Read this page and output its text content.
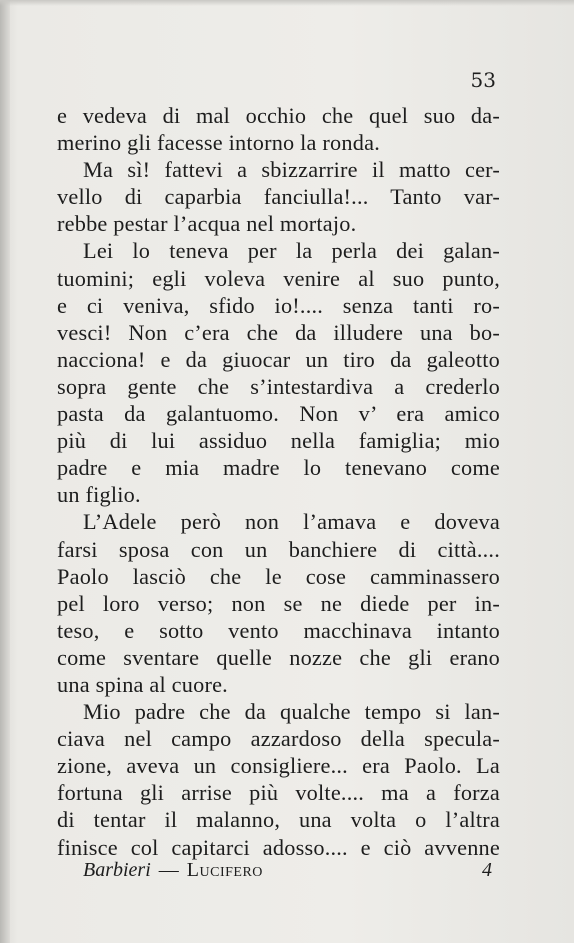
53
e vedeva di mal occhio che quel suo da-
merino gli facesse intorno la ronda.
Ma sì! fattevi a sbizzarrire il matto cer-
vello di caparbia fanciulla!... Tanto var-
rebbe pestar l’acqua nel mortajo.
Lei lo teneva per la perla dei galan-
tuomini; egli voleva venire al suo punto,
e ci veniva, sfido io!.... senza tanti ro-
vesci! Non c’era che da illudere una bo-
nacciona! e da giuocar un tiro da galeotto
sopra gente che s’intestardiva a crederlo
pasta da galantuomo. Non v’ era amico
più di lui assiduo nella famiglia; mio
padre e mia madre lo tenevano come
un figlio.
L’Adele però non l’amava e doveva
farsi sposa con un banchiere di città....
Paolo lasciò che le cose camminassero
pel loro verso; non se ne diede per in-
teso, e sotto vento macchinava intanto
come sventare quelle nozze che gli erano
una spina al cuore.
Mio padre che da qualche tempo si lan-
ciava nel campo azzardoso della specula-
zione, aveva un consigliere... era Paolo. La
fortuna gli arrise più volte.... ma a forza
di tentar il malanno, una volta o l’altra
finisce col capitarci adosso.... e ciò avvenne
Barbieri — Lucifero	4
